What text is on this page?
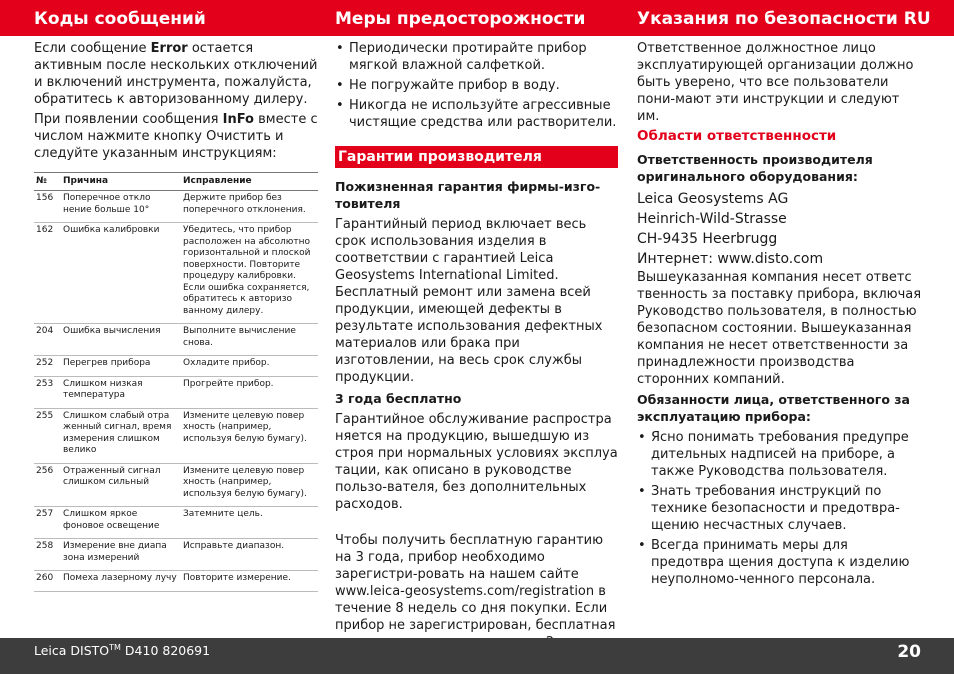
Коды сообщений	Меры предосторожности	Указания по безопасности RU
Если сообщение Error остается активным после нескольких отключений и включений инструмента, пожалуйста, обратитесь к авторизованному дилеру.
При появлении сообщения InFo вместе с числом нажмите кнопку Очистить и следуйте указанным инструкциям:
№	Причина	Исправление
156	Поперечное откло нение больше 10°	Держите прибор без поперечного отклонения.
162	Ошибка калибровки	Убедитесь, что прибор расположен на абсолютно горизонтальной и плоской поверхности. Повторите процедуру калибровки. Если ошибка сохраняется, обратитесь к авторизо ванному дилеру.
204	Ошибка вычисления	Выполните вычисление снова.
252	Перегрев прибора	Охладите прибор.
253	Слишком низкая температура	Прогрейте прибор.
255	Слишком слабый отра женный сигнал, время измерения слишком велико	Измените целевую повер хность (например, используя белую бумагу).
256	Отраженный сигнал слишком сильный	Измените целевую повер хность (например, используя белую бумагу).
257	Слишком яркое фоновое освещение	Затемните цель.
258	Измерение вне диапа зона измерений	Исправьте диапазон.
260	Помеха лазерному лучу	Повторите измерение.
• Периодически протирайте прибор мягкой влажной салфеткой.
• Не погружайте прибор в воду.
• Никогда не используйте агрессивные чистящие средства или растворители.
Гарантии производителя
Пожизненная гарантия фирмы-изго-товителя
Гарантийный период включает весь срок использования изделия в соответствии с гарантией Leica Geosystems International Limited. Бесплатный ремонт или замена всей продукции, имеющей дефекты в результате использования дефектных материалов или брака при изготовлении, на весь срок службы продукции.
3 года бесплатно
Гарантийное обслуживание распростра няется на продукцию, вышедшую из строя при нормальных условиях эксплуа тации, как описано в руководстве пользо-вателя, без дополнительных расходов.
Чтобы получить бесплатную гарантию на 3 года, прибор необходимо зарегистри-ровать на нашем сайте www.leica-geosystems.com/registration в течение 8 недель со дня покупки. Если прибор не зарегистрирован, бесплатная
Ответственное должностное лицо эксплуатирующей организации должно быть уверено, что все пользователи пони-мают эти инструкции и следуют им.
Области ответственности
Ответственность производителя оригинального оборудования:
Leica Geosystems AG
Heinrich-Wild-Strasse
CH-9435 Heerbrugg
Интернет: www.disto.com
Вышеуказанная компания несет ответс твенность за поставку прибора, включая Руководство пользователя, в полностью безопасном состоянии. Вышеуказанная компания не несет ответственности за принадлежности производства сторонних компаний.
Обязанности лица, ответственного за эксплуатацию прибора:
• Ясно понимать требования предупре дительных надписей на приборе, а также Руководства пользователя.
• Знать требования инструкций по технике безопасности и предотвра-щению несчастных случаев.
• Всегда принимать меры для предотвра щения доступа к изделию неуполномо-ченного персонала.
Leica DISTO™ D410 820691	20
